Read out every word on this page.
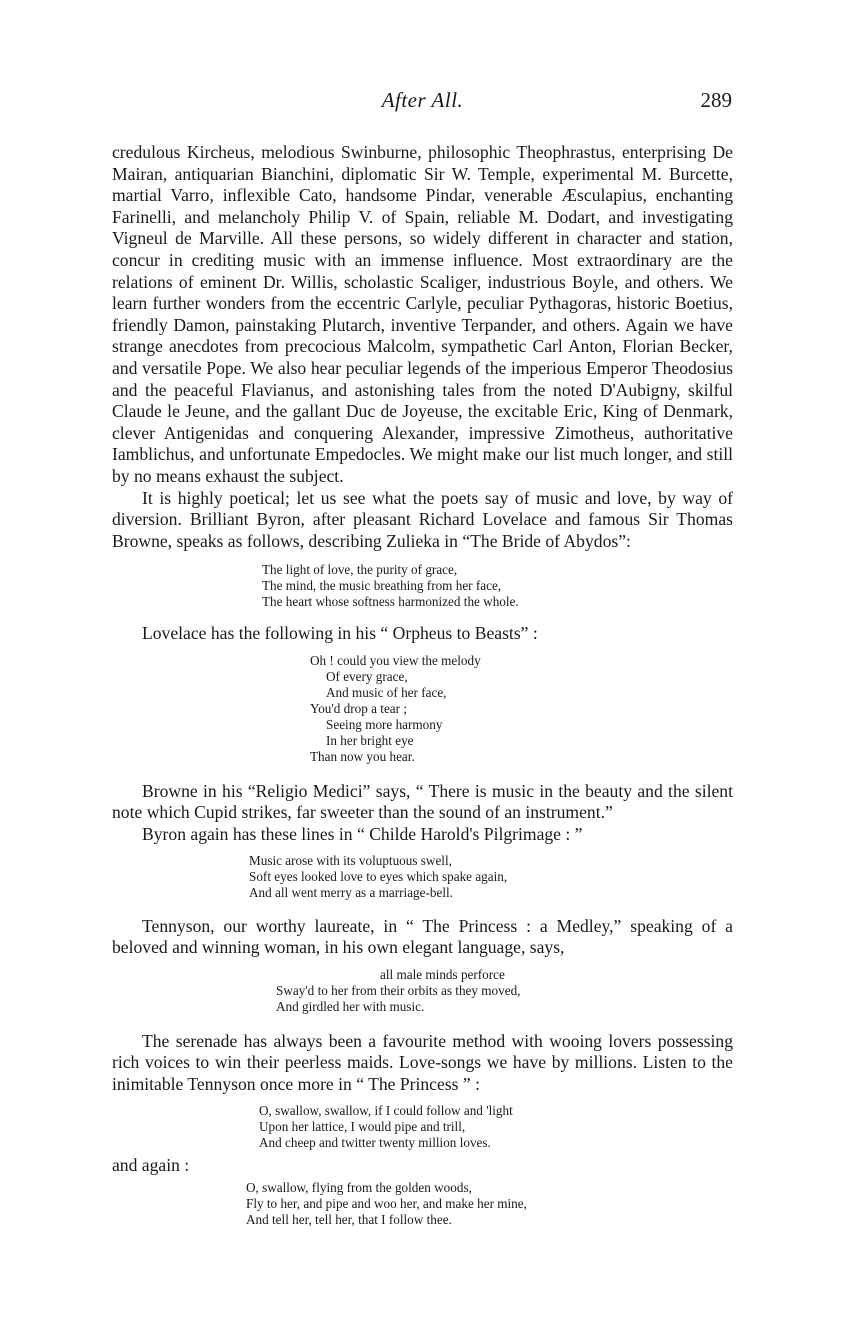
After All.	289

credulous Kircheus, melodious Swinburne, philosophic Theophrastus, enterprising De Mairan, antiquarian Bianchini, diplomatic Sir W. Temple, experimental M. Burcette, martial Varro, inflexible Cato, handsome Pindar, venerable Æsculapius, enchanting Farinelli, and melancholy Philip V. of Spain, reliable M. Dodart, and investigating Vigneul de Marville. All these persons, so widely different in character and station, concur in crediting music with an immense influence. Most extraordinary are the relations of eminent Dr. Willis, scholastic Scaliger, industrious Boyle, and others. We learn further wonders from the eccentric Carlyle, peculiar Pythagoras, historic Boetius, friendly Damon, painstaking Plutarch, inventive Terpander, and others. Again we have strange anecdotes from precocious Malcolm, sympathetic Carl Anton, Florian Becker, and versatile Pope. We also hear peculiar legends of the imperious Emperor Theodosius and the peaceful Flavianus, and astonishing tales from the noted D'Aubigny, skilful Claude le Jeune, and the gallant Duc de Joyeuse, the excitable Eric, King of Denmark, clever Antigenidas and conquering Alexander, impressive Zimotheus, authoritative Iamblichus, and unfortunate Empedocles. We might make our list much longer, and still by no means exhaust the subject.

It is highly poetical; let us see what the poets say of music and love, by way of diversion. Brilliant Byron, after pleasant Richard Lovelace and famous Sir Thomas Browne, speaks as follows, describing Zulieka in “The Bride of Abydos”:

The light of love, the purity of grace,
The mind, the music breathing from her face,
The heart whose softness harmonized the whole.

Lovelace has the following in his “ Orpheus to Beasts” :

Oh ! could you view the melody
Of every grace,
And music of her face,
You'd drop a tear ;
Seeing more harmony
In her bright eye
Than now you hear.

Browne in his “Religio Medici” says, “ There is music in the beauty and the silent note which Cupid strikes, far sweeter than the sound of an instrument.”

Byron again has these lines in “ Childe Harold's Pilgrimage : ”

Music arose with its voluptuous swell,
Soft eyes looked love to eyes which spake again,
And all went merry as a marriage-bell.

Tennyson, our worthy laureate, in “ The Princess : a Medley,” speaking of a beloved and winning woman, in his own elegant language, says,

all male minds perforce
Sway'd to her from their orbits as they moved,
And girdled her with music.

The serenade has always been a favourite method with wooing lovers possessing rich voices to win their peerless maids. Love-songs we have by millions. Listen to the inimitable Tennyson once more in “ The Princess ” :

O, swallow, swallow, if I could follow and 'light
Upon her lattice, I would pipe and trill,
And cheep and twitter twenty million loves.

and again :

O, swallow, flying from the golden woods,
Fly to her, and pipe and woo her, and make her mine,
And tell her, tell her, that I follow thee.
